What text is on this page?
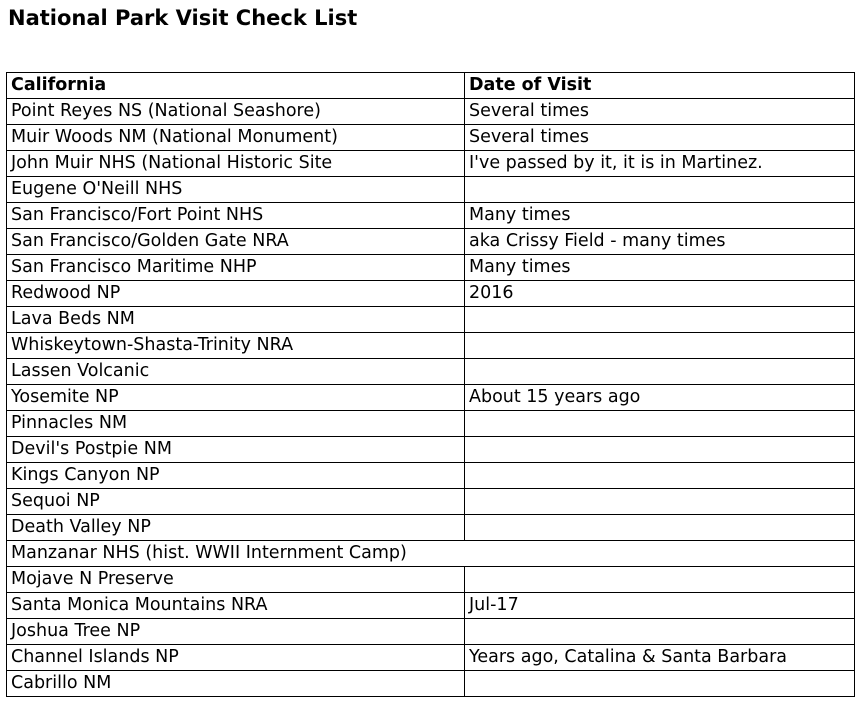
National Park Visit Check List
California	Date of Visit
Point Reyes NS (National Seashore)	Several times
Muir Woods NM (National Monument)	Several times
John Muir NHS (National Historic Site	I've passed by it, it is in Martinez.
Eugene O'Neill NHS	
San Francisco/Fort Point NHS	Many times
San Francisco/Golden Gate NRA	aka Crissy Field - many times
San Francisco Maritime NHP	Many times
Redwood NP	2016
Lava Beds NM	
Whiskeytown-Shasta-Trinity NRA	
Lassen Volcanic	
Yosemite NP	About 15 years ago
Pinnacles NM	
Devil's Postpie NM	
Kings Canyon NP	
Sequoi NP	
Death Valley NP	
Manzanar NHS (hist. WWII Internment Camp)	
Mojave N Preserve	
Santa Monica Mountains NRA	Jul-17
Joshua Tree NP	
Channel Islands NP	Years ago, Catalina & Santa Barbara
Cabrillo NM	
